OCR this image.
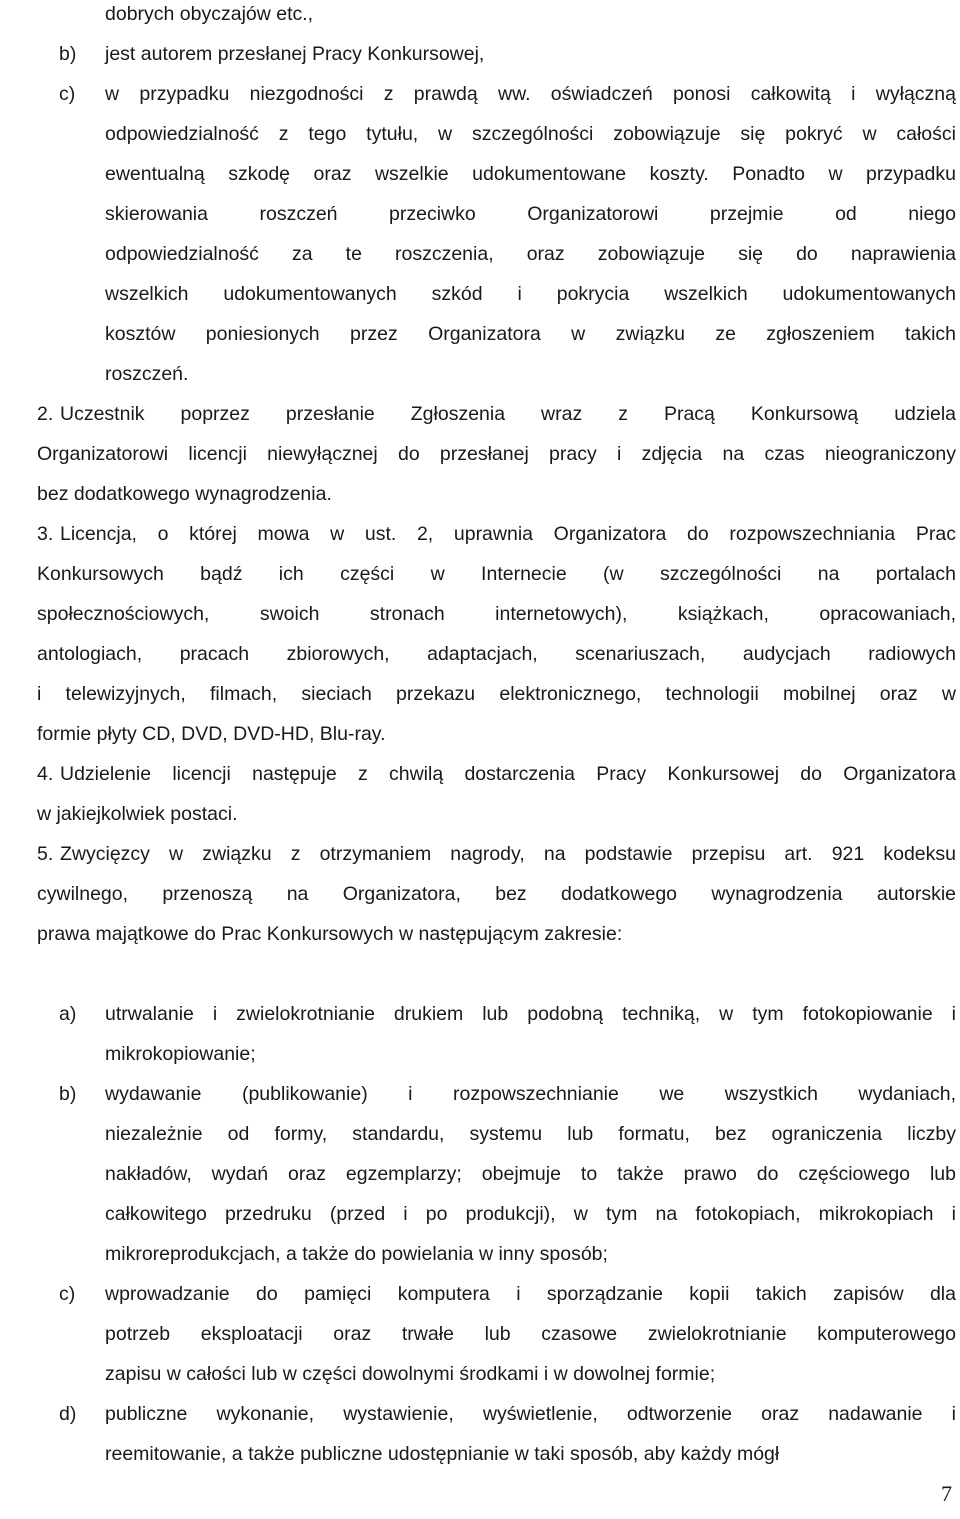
dobrych obyczajów etc.,
b) jest autorem przesłanej Pracy Konkursowej,
c) w przypadku niezgodności z prawdą ww. oświadczeń ponosi całkowitą i wyłączną
odpowiedzialność z tego tytułu, w szczególności zobowiązuje się pokryć w całości
ewentualną szkodę oraz wszelkie udokumentowane koszty. Ponadto w przypadku
skierowania roszczeń przeciwko Organizatorowi przejmie od niego
odpowiedzialność za te roszczenia, oraz zobowiązuje się do naprawienia
wszelkich udokumentowanych szkód i pokrycia wszelkich udokumentowanych
kosztów poniesionych przez Organizatora w związku ze zgłoszeniem takich
roszczeń.
2. Uczestnik poprzez przesłanie Zgłoszenia wraz z Pracą Konkursową udziela
Organizatorowi licencji niewyłącznej do przesłanej pracy i zdjęcia na czas nieograniczony
bez dodatkowego wynagrodzenia.
3. Licencja, o której mowa w ust. 2, uprawnia Organizatora do rozpowszechniania Prac
Konkursowych bądź ich części w Internecie (w szczególności na portalach
społecznościowych, swoich stronach internetowych), książkach, opracowaniach,
antologiach, pracach zbiorowych, adaptacjach, scenariuszach, audycjach radiowych
i telewizyjnych, filmach, sieciach przekazu elektronicznego, technologii mobilnej oraz w
formie płyty CD, DVD, DVD-HD, Blu-ray.
4. Udzielenie licencji następuje z chwilą dostarczenia Pracy Konkursowej do Organizatora
w jakiejkolwiek postaci.
5. Zwycięzcy w związku z otrzymaniem nagrody, na podstawie przepisu art. 921 kodeksu
cywilnego, przenoszą na Organizatora, bez dodatkowego wynagrodzenia autorskie
prawa majątkowe do Prac Konkursowych w następującym zakresie:
a) utrwalanie i zwielokrotnianie drukiem lub podobną techniką, w tym fotokopiowanie i
mikrokopiowanie;
b) wydawanie (publikowanie) i rozpowszechnianie we wszystkich wydaniach,
niezależnie od formy, standardu, systemu lub formatu, bez ograniczenia liczby
nakładów, wydań oraz egzemplarzy; obejmuje to także prawo do częściowego lub
całkowitego przedruku (przed i po produkcji), w tym na fotokopiach, mikrokopiach i
mikroreprodukcjach, a także do powielania w inny sposób;
c) wprowadzanie do pamięci komputera i sporządzanie kopii takich zapisów dla
potrzeb eksploatacji oraz trwałe lub czasowe zwielokrotnianie komputerowego
zapisu w całości lub w części dowolnymi środkami i w dowolnej formie;
d) publiczne wykonanie, wystawienie, wyświetlenie, odtworzenie oraz nadawanie i
reemitowanie, a także publiczne udostępnianie w taki sposób, aby każdy mógł
7
